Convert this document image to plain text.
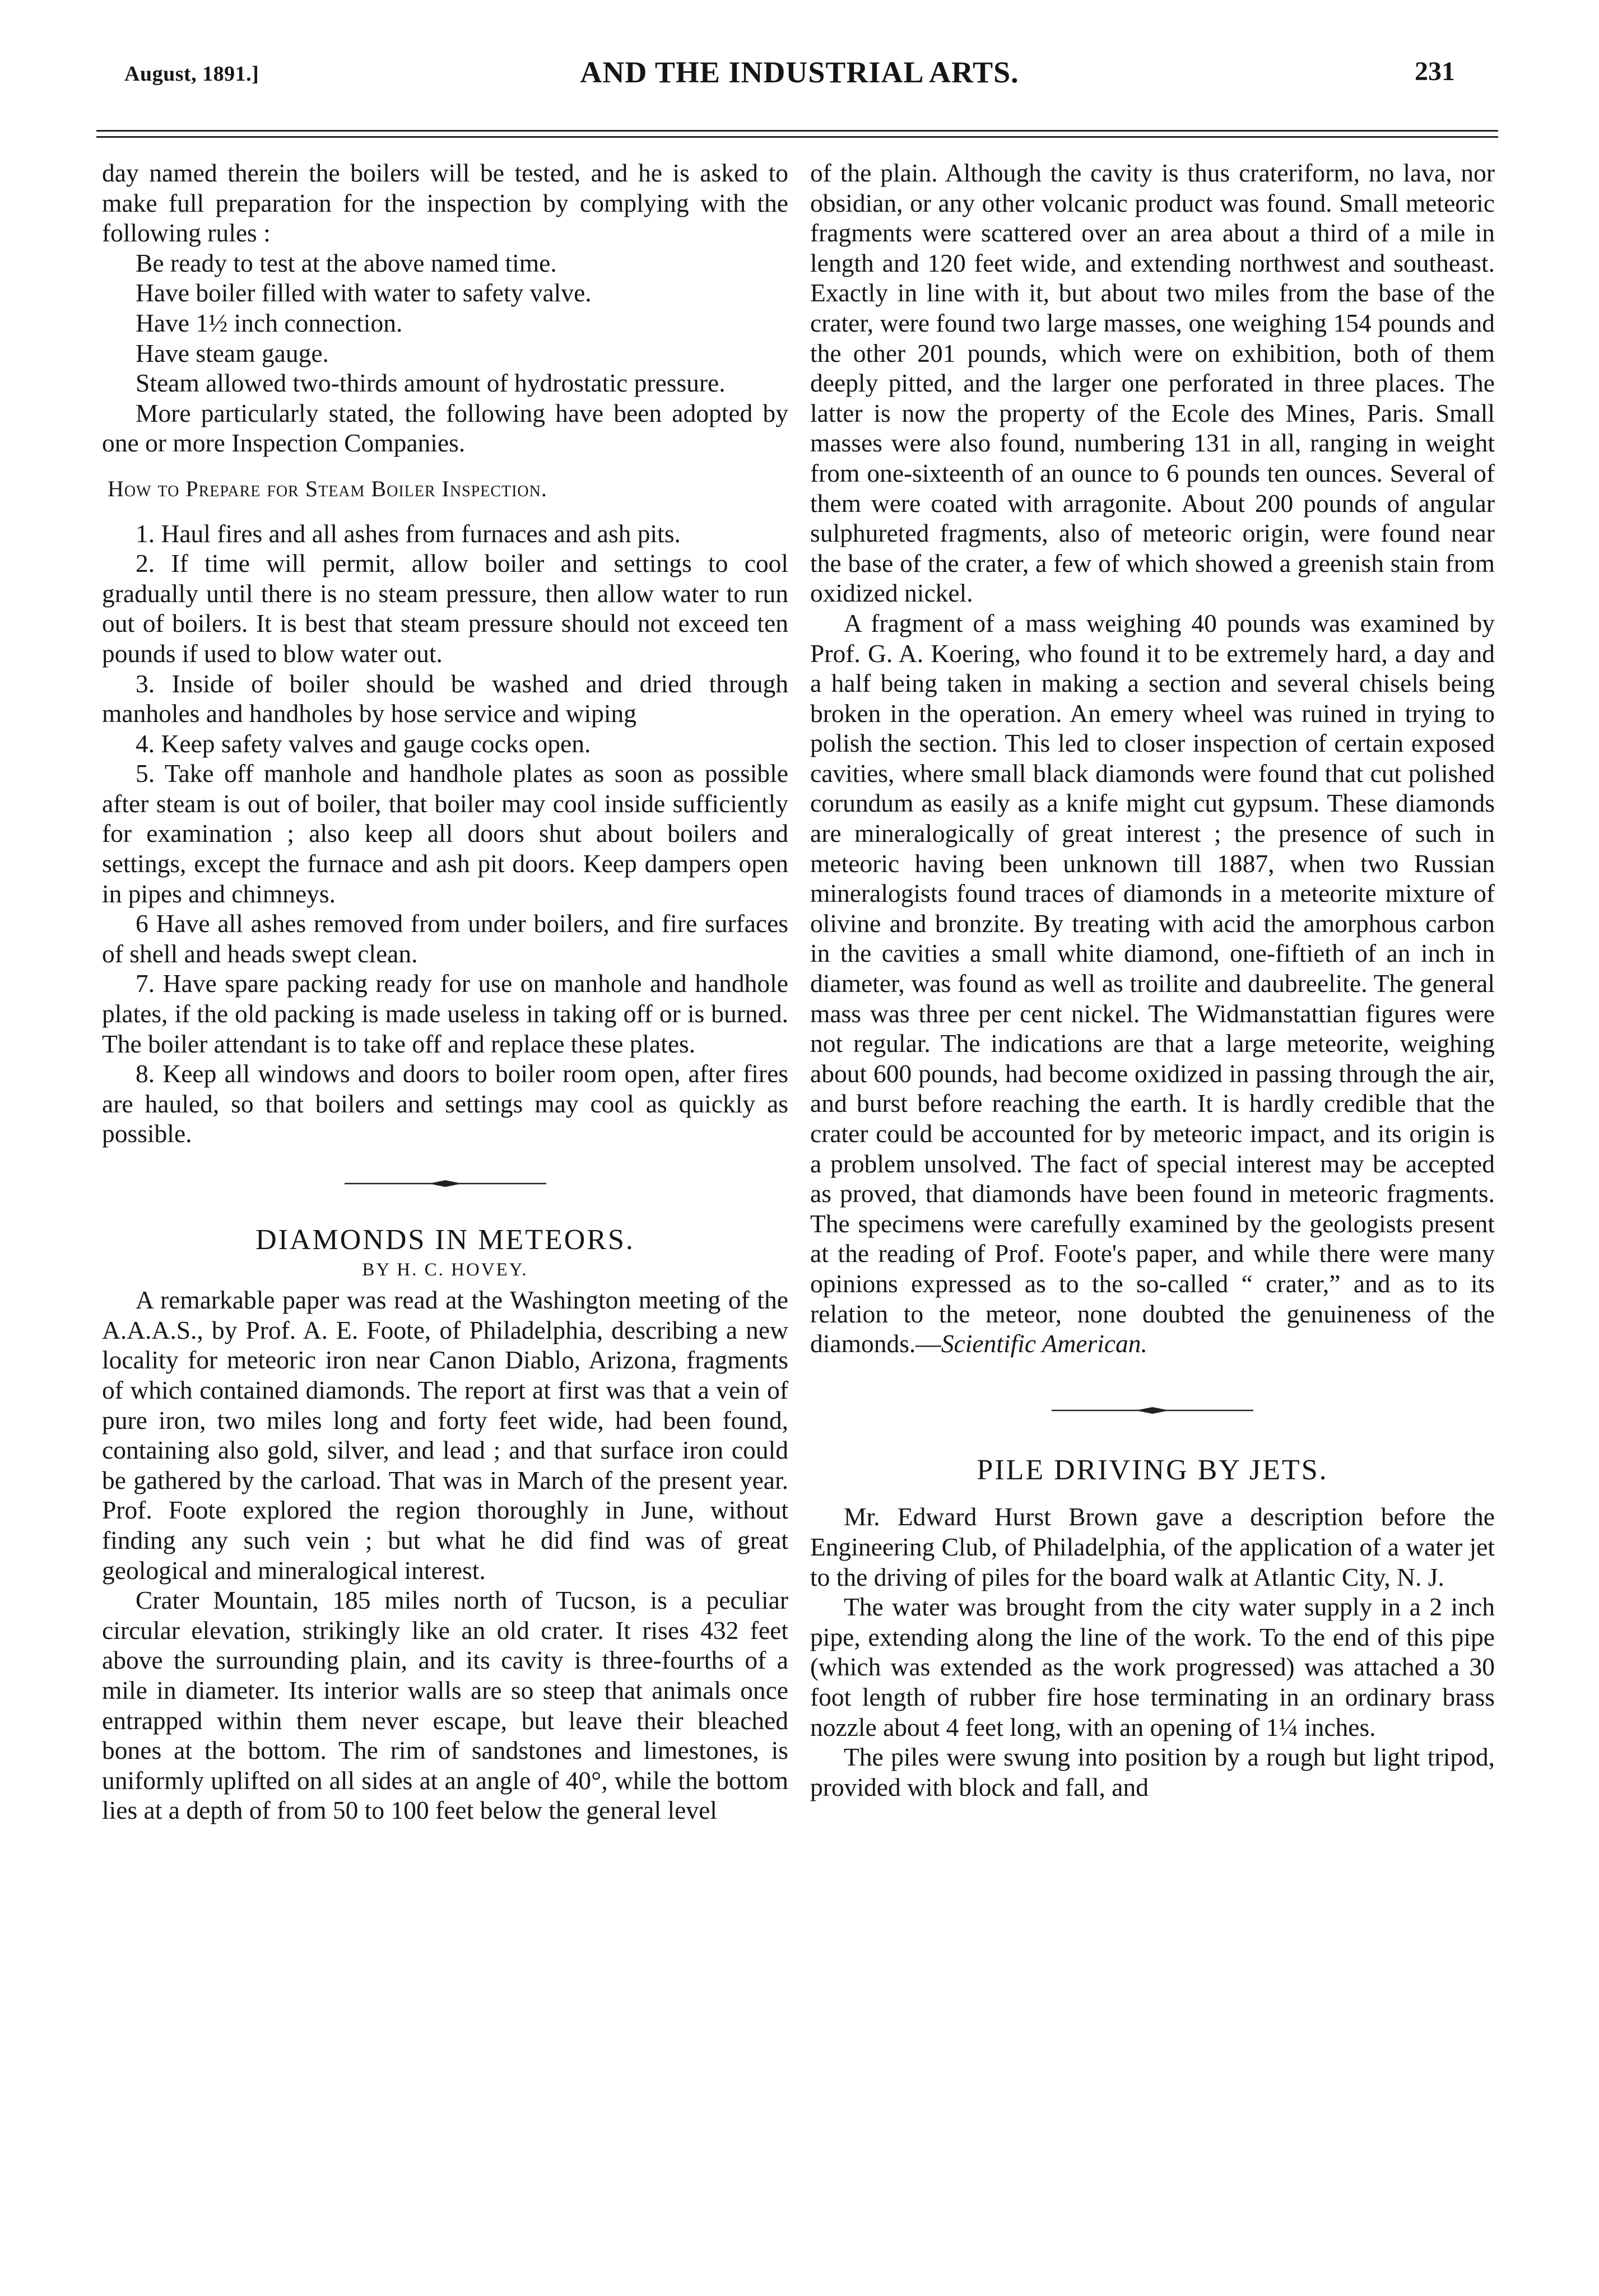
August, 1891.]	AND THE INDUSTRIAL ARTS.	231

day named therein the boilers will be tested, and he is asked to make full preparation for the inspection by complying with the following rules :

Be ready to test at the above named time.

Have boiler filled with water to safety valve.

Have 1½ inch connection.

Have steam gauge.

Steam allowed two-thirds amount of hydrostatic pressure.

More particularly stated, the following have been adopted by one or more Inspection Companies.

How to Prepare for Steam Boiler Inspection.

1. Haul fires and all ashes from furnaces and ash pits.

2. If time will permit, allow boiler and settings to cool gradually until there is no steam pressure, then allow water to run out of boilers. It is best that steam pressure should not exceed ten pounds if used to blow water out.

3. Inside of boiler should be washed and dried through manholes and handholes by hose service and wiping

4. Keep safety valves and gauge cocks open.

5. Take off manhole and handhole plates as soon as possible after steam is out of boiler, that boiler may cool inside sufficiently for examination ; also keep all doors shut about boilers and settings, except the furnace and ash pit doors. Keep dampers open in pipes and chimneys.

6 Have all ashes removed from under boilers, and fire surfaces of shell and heads swept clean.

7. Have spare packing ready for use on manhole and handhole plates, if the old packing is made useless in taking off or is burned. The boiler attendant is to take off and replace these plates.

8. Keep all windows and doors to boiler room open, after fires are hauled, so that boilers and settings may cool as quickly as possible.

DIAMONDS IN METEORS.

BY H. C. HOVEY.

A remarkable paper was read at the Washington meeting of the A.A.A.S., by Prof. A. E. Foote, of Philadelphia, describing a new locality for meteoric iron near Canon Diablo, Arizona, fragments of which contained diamonds. The report at first was that a vein of pure iron, two miles long and forty feet wide, had been found, containing also gold, silver, and lead ; and that surface iron could be gathered by the carload. That was in March of the present year. Prof. Foote explored the region thoroughly in June, without finding any such vein ; but what he did find was of great geological and mineralogical interest.

Crater Mountain, 185 miles north of Tucson, is a peculiar circular elevation, strikingly like an old crater. It rises 432 feet above the surrounding plain, and its cavity is three-fourths of a mile in diameter. Its interior walls are so steep that animals once entrapped within them never escape, but leave their bleached bones at the bottom. The rim of sandstones and limestones, is uniformly uplifted on all sides at an angle of 40°, while the bottom lies at a depth of from 50 to 100 feet below the general level

of the plain. Although the cavity is thus crateriform, no lava, nor obsidian, or any other volcanic product was found. Small meteoric fragments were scattered over an area about a third of a mile in length and 120 feet wide, and extending northwest and southeast. Exactly in line with it, but about two miles from the base of the crater, were found two large masses, one weighing 154 pounds and the other 201 pounds, which were on exhibition, both of them deeply pitted, and the larger one perforated in three places. The latter is now the property of the Ecole des Mines, Paris. Small masses were also found, numbering 131 in all, ranging in weight from one-sixteenth of an ounce to 6 pounds ten ounces. Several of them were coated with arragonite. About 200 pounds of angular sulphureted fragments, also of meteoric origin, were found near the base of the crater, a few of which showed a greenish stain from oxidized nickel.

A fragment of a mass weighing 40 pounds was examined by Prof. G. A. Koering, who found it to be extremely hard, a day and a half being taken in making a section and several chisels being broken in the operation. An emery wheel was ruined in trying to polish the section. This led to closer inspection of certain exposed cavities, where small black diamonds were found that cut polished corundum as easily as a knife might cut gypsum. These diamonds are mineralogically of great interest ; the presence of such in meteoric having been unknown till 1887, when two Russian mineralogists found traces of diamonds in a meteorite mixture of olivine and bronzite. By treating with acid the amorphous carbon in the cavities a small white diamond, one-fiftieth of an inch in diameter, was found as well as troilite and daubreelite. The general mass was three per cent nickel. The Widmanstattian figures were not regular. The indications are that a large meteorite, weighing about 600 pounds, had become oxidized in passing through the air, and burst before reaching the earth. It is hardly credible that the crater could be accounted for by meteoric impact, and its origin is a problem unsolved. The fact of special interest may be accepted as proved, that diamonds have been found in meteoric fragments. The specimens were carefully examined by the geologists present at the reading of Prof. Foote's paper, and while there were many opinions expressed as to the so-called “ crater,” and as to its relation to the meteor, none doubted the genuineness of the diamonds.—Scientific American.

PILE DRIVING BY JETS.

Mr. Edward Hurst Brown gave a description before the Engineering Club, of Philadelphia, of the application of a water jet to the driving of piles for the board walk at Atlantic City, N. J.

The water was brought from the city water supply in a 2 inch pipe, extending along the line of the work. To the end of this pipe (which was extended as the work progressed) was attached a 30 foot length of rubber fire hose terminating in an ordinary brass nozzle about 4 feet long, with an opening of 1¼ inches.

The piles were swung into position by a rough but light tripod, provided with block and fall, and
